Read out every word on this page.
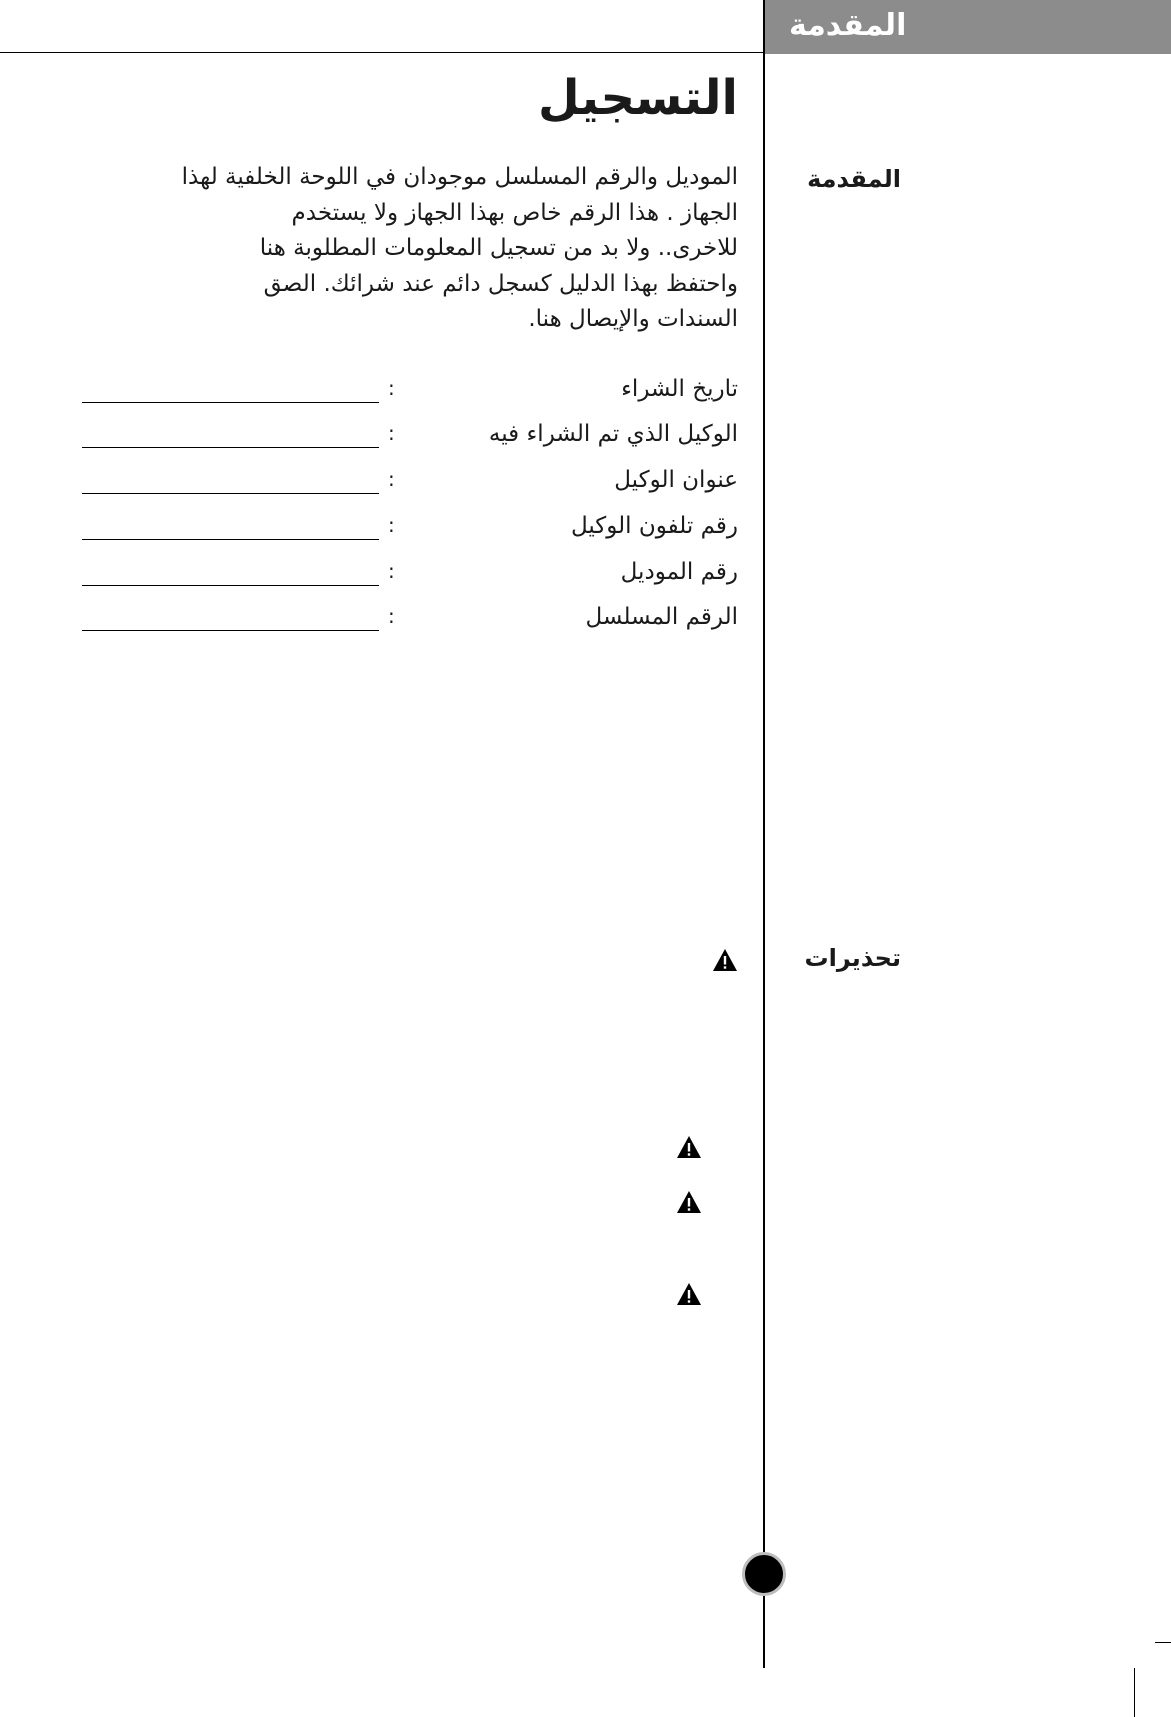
المقدمة
التسجيل

الموديل والرقم المسلسل موجودان في اللوحة الخلفية لهذا
الجهاز . هذا الرقم خاص بهذا الجهاز ولا يستخدم
للاخرى.. ولا بد من تسجيل المعلومات المطلوبة هنا
واحتفظ بهذا الدليل كسجل دائم عند شرائك. الصق
السندات والإيصال هنا.

المقدمة
تاريخ الشراء
:
الوكيل الذي تم الشراء فيه
:
عنوان الوكيل
:
رقم تلفون الوكيل
:
رقم الموديل
:
الرقم المسلسل
:
تحذيرات
